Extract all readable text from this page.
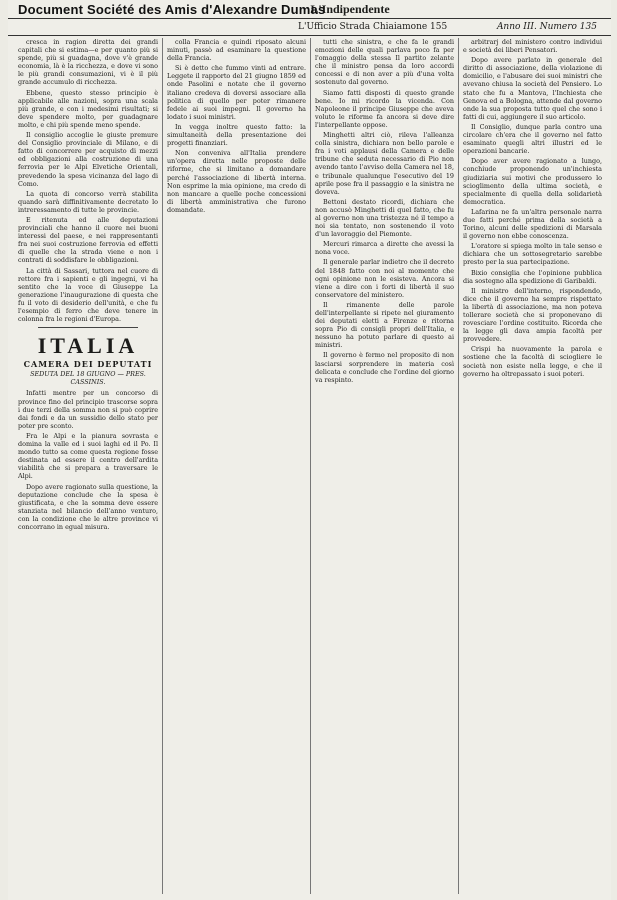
Document Société des Amis d'Alexandre Dumas
L'Indipendente
L'Ufficio Strada Chiaiamone 155	Anno III. Numero 135

cresca in ragion diretta dei grandi capitali che si estima—e per quanto più si spende, più si guadagna, dove v'è grande economia, là è la ricchezza, e dove vi sono le più grandi consumazioni, vi è il più grande accumulo di ricchezza.

Ebbene, questo stesso principio è applicabile alle nazioni, sopra una scala più grande, e con i medesimi risultati; si deve spendere molto, per guadagnare molto, e chi più spende meno spende.

Il consiglio accoglie le giuste premure del Consiglio provinciale di Milano, e di fatto di concorrere per acquisto di mezzi ed obbligazioni alla costruzione di una ferrovia per le Alpi Elvetiche Orientali, prevedendo la spesa vicinanza del lago di Como.

La quota di concorso verrà stabilita quando sarà diffinitivamente decretato lo intreressamento di tutte le provincie.

E ritenuta ed alle deputazioni provinciali che hanno il cuore nei buoni interessi del paese, e nei rappresentanti fra nei suoi costruzione ferrovia ed effetti di quelle che la strada viene e non i contrati di soddisfare le obbligazioni.

La città di Sassari, tuttora nel cuore di rettore fra i sapienti e gli ingegni, vi ha sentito che la voce di Giuseppe La generazione l'inaugurazione di questa che fu il voto di desiderio dell'unità, e che fu l'esempio di ferro che deve tenere in colonna fra le regioni d'Europa.

ITALIA
CAMERA DEI DEPUTATI
SEDUTA DEL 18 GIUGNO — PRES. CASSINIS.

Infatti mentre per un concorso di province fino del principio trascorse sopra i due terzi della somma non si può coprire dai fondi e da un sussidio dello stato per poter pre sconto.

Fra le Alpi e la pianura sovrasta e domina la valle ed i suoi laghi ed il Po. Il mondo tutto sa come questa regione fosse destinata ad essere il centro dell'ardita viabilità che si prepara a traversare le Alpi.

Dopo avere ragionato sulla questione, la deputazione conclude che la spesa è giustificata, e che la somma deve essere stanziata nel bilancio dell'anno venturo, con la condizione che le altre province vi concorrano in egual misura.

colla Francia e quindi riposato alcuni minuti, passò ad esaminare la questione della Francia.

Si è detto che fummo vinti ad entrare. Leggete il rapporto del 21 giugno 1859 ed onde Pasolini e notate che il governo italiano credeva di doversi associare alla politica di quello per poter rimanere fedele ai suoi impegni. Il governo ha lodato i suoi ministri.

In vegga inoltre questo fatto: la simultaneità della presentazione dei progetti finanziari.

Non conveniva all'Italia prendere un'opera diretta nelle proposte delle riforme, che si limitano a domandare perché l'associazione di libertà interna. Non esprime la mia opinione, ma credo di non mancare a quelle poche concessioni di libertà amministrativa che furono domandate.

tutti che sinistra, e che fa le grandi emozioni delle quali parlava poco fa per l'omaggio della stessa Il partito zelante che il ministro pensa da loro accordi concessi e di non aver a più d'una volta sostenuto dal governo.

Siamo fatti disposti di questo grande bene. Io mi ricordo la vicenda. Con Napoleone il principe Giuseppe che aveva voluto le riforme fa ancora si deve dire l'interpellante oppose.

Minghetti altri ciò, rileva l'alleanza colla sinistra, dichiara non bello parole e fra i voti applausi della Camera e delle tribune che seduta necessario di Pio non avendo tanto l'avviso della Camera nel 18, e tribunale qualunque l'esecutivo del 19 aprile pose fra il passaggio e la sinistra ne doveva.

Bettoni destato ricordi, dichiara che non accusò Minghetti di quel fatto, che fu al governo non una tristezza né il tempo a noi sia tentato, non sostenendo il voto d'un lavoraggio del Piemonte.

Mercuri rimarca a dirette che avessi la nona voce.

Il generale parlar indietro che il decreto del 1848 fatto con noi al momento che ogni opinione non le esisteva. Ancora si viene a dire con i forti di libertà il suo conservatore del ministero.

Il rimanente delle parole dell'interpellante si ripete nel giuramento dei deputati eletti a Firenze e ritorna sopra Pio di consigli propri dell'Italia, e nessuno ha potuto parlare di questo ai ministri.

Il governo è fermo nel proposito di non lasciarsi sorprendere in materia così delicata e conclude che l'ordine del giorno va respinto.

arbitrarj del ministero contro individui e società dei liberi Pensatori.

Dopo avere parlato in generale del diritto di associazione, della violazione di domicilio, e l'abusare dei suoi ministri che avevano chiusa la società del Pensiero. Lo stato che fu a Mantova, l'Inchiesta che Genova ed a Bologna, attende dal governo onde la sua proposta tutto quel che sono i fatti di cui, aggiungere il suo articolo.

Il Consiglio, dunque parla contro una circolare ch'era che il governo nel fatto esaminato quegli altri illustri ed le operazioni bancarie.

Dopo aver avere ragionato a lungo, conchiude proponendo un'inchiesta giudiziaria sui motivi che produssero lo scioglimento della ultima società, e specialmente di quella della solidarietà democratica.

Lafarina ne fa un'altra personale narra due fatti perché prima della società a Torino, alcuni delle spedizioni di Marsala il governo non ebbe conoscenza.

L'oratore si spiega molto in tale senso e dichiara che un sottosegretario sarebbe presto per la sua partecipazione.

Bixio consiglia che l'opinione pubblica dia sostegno alla spedizione di Garibaldi.

Il ministro dell'interno, rispondendo, dice che il governo ha sempre rispettato la libertà di associazione, ma non poteva tollerare società che si proponevano di rovesciare l'ordine costituito. Ricorda che la legge gli dava ampia facoltà per provvedere.

Crispi ha nuovamente la parola e sostiene che la facoltà di sciogliere le società non esiste nella legge, e che il governo ha oltrepassato i suoi poteri.
